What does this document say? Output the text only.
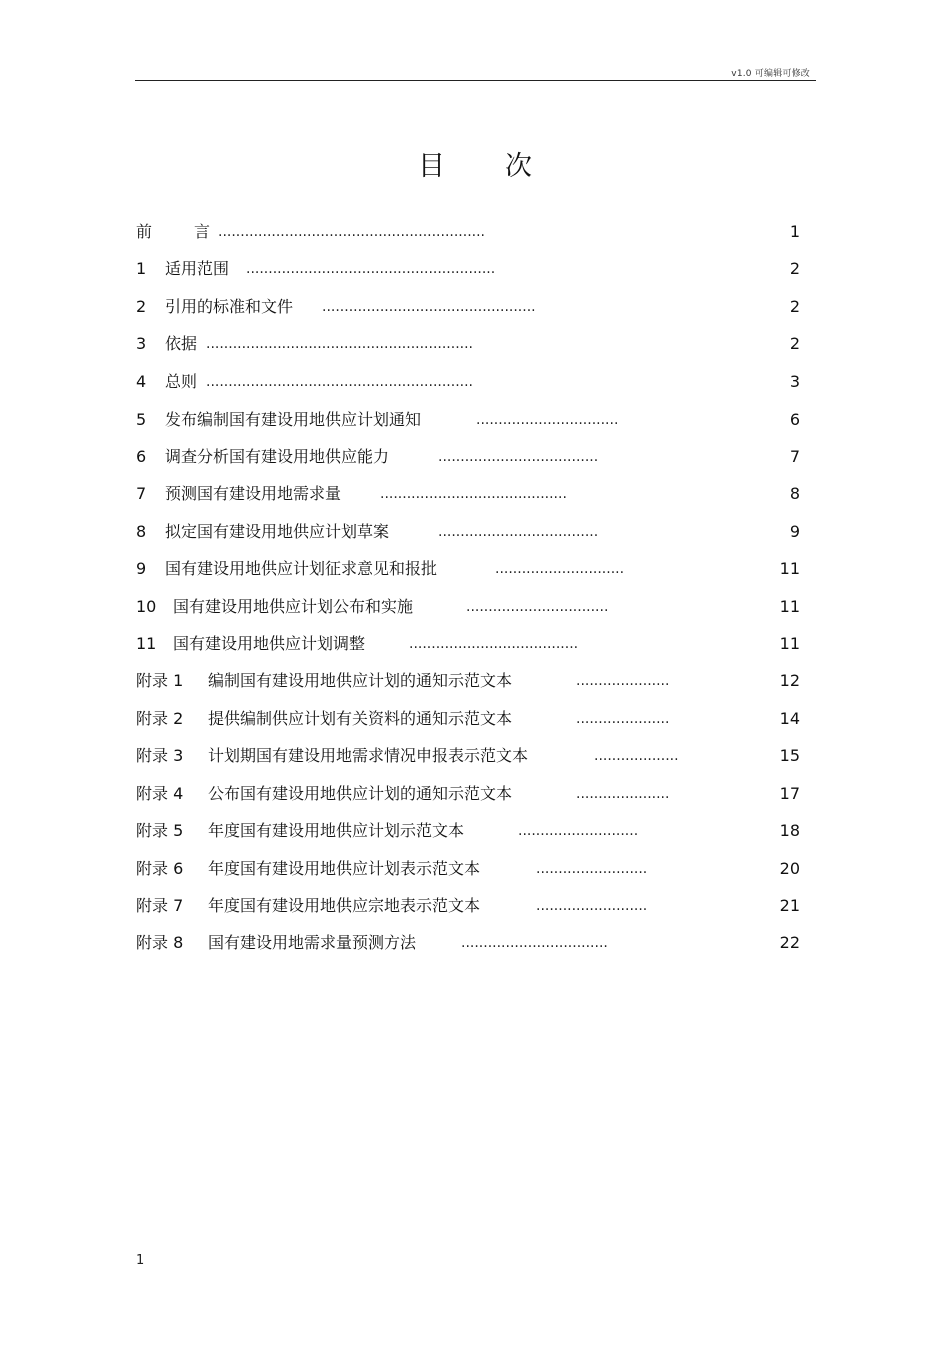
v1.0 可编辑可修改
目 次
前	言 ............................................................	1
1 适用范围 ........................................................	2
2 引用的标准和文件 ................................................	2
3 依据 ............................................................	2
4 总则 ............................................................	3
5 发布编制国有建设用地供应计划通知	................................	6
6 调查分析国有建设用地供应能力	....................................	7
7 预测国有建设用地需求量	..........................................	8
8 拟定国有建设用地供应计划草案	....................................	9
9 国有建设用地供应计划征求意见和报批	.............................	11
10 国有建设用地供应计划公布和实施	................................	11
11 国有建设用地供应计划调整	......................................	11
附录 1 编制国有建设用地供应计划的通知示范文本	.....................	12
附录 2 提供编制供应计划有关资料的通知示范文本	.....................	14
附录 3 计划期国有建设用地需求情况申报表示范文本	...................	15
附录 4 公布国有建设用地供应计划的通知示范文本	.....................	17
附录 5 年度国有建设用地供应计划示范文本	...........................	18
附录 6 年度国有建设用地供应计划表示范文本	.........................	20
附录 7 年度国有建设用地供应宗地表示范文本	.........................	21
附录 8 国有建设用地需求量预测方法	.................................	22
1
